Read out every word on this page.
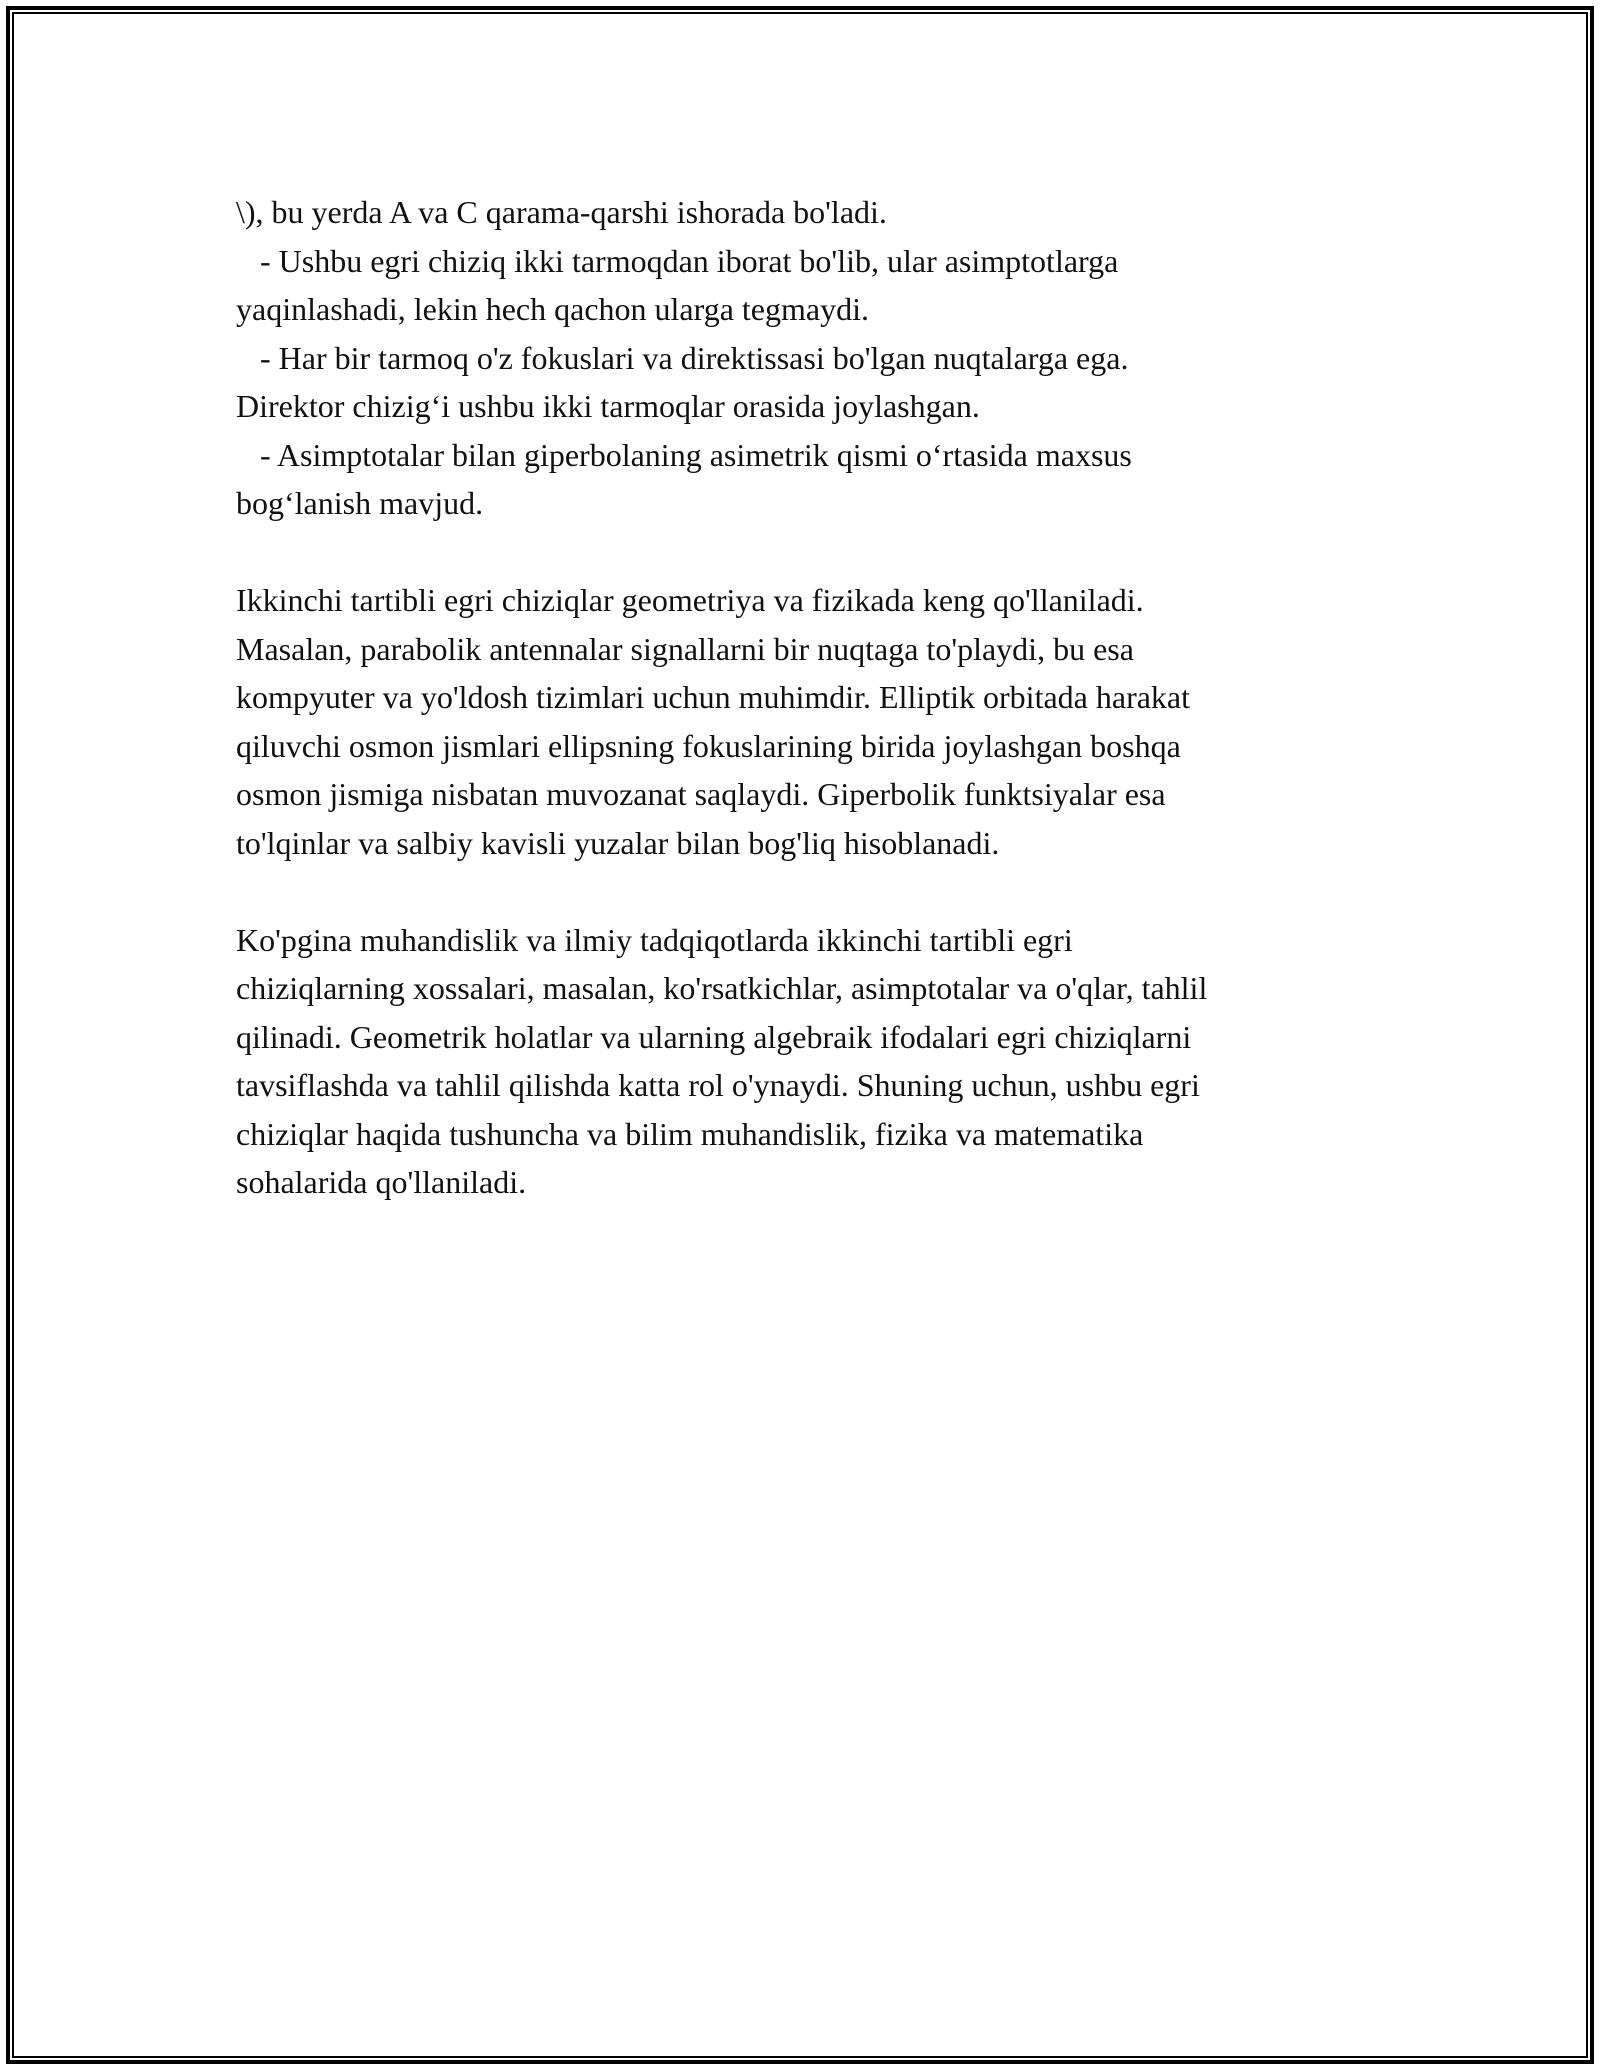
\), bu yerda A va C qarama-qarshi ishorada bo'ladi.
- Ushbu egri chiziq ikki tarmoqdan iborat bo'lib, ular asimptotlarga
yaqinlashadi, lekin hech qachon ularga tegmaydi.
- Har bir tarmoq o'z fokuslari va direktissasi bo'lgan nuqtalarga ega.
Direktor chizig‘i ushbu ikki tarmoqlar orasida joylashgan.
- Asimptotalar bilan giperbolaning asimetrik qismi o‘rtasida maxsus
bog‘lanish mavjud.
Ikkinchi tartibli egri chiziqlar geometriya va fizikada keng qo'llaniladi.
Masalan, parabolik antennalar signallarni bir nuqtaga to'playdi, bu esa
kompyuter va yo'ldosh tizimlari uchun muhimdir. Elliptik orbitada harakat
qiluvchi osmon jismlari ellipsning fokuslarining birida joylashgan boshqa
osmon jismiga nisbatan muvozanat saqlaydi. Giperbolik funktsiyalar esa
to'lqinlar va salbiy kavisli yuzalar bilan bog'liq hisoblanadi.
Ko'pgina muhandislik va ilmiy tadqiqotlarda ikkinchi tartibli egri
chiziqlarning xossalari, masalan, ko'rsatkichlar, asimptotalar va o'qlar, tahlil
qilinadi. Geometrik holatlar va ularning algebraik ifodalari egri chiziqlarni
tavsiflashda va tahlil qilishda katta rol o'ynaydi. Shuning uchun, ushbu egri
chiziqlar haqida tushuncha va bilim muhandislik, fizika va matematika
sohalarida qo'llaniladi.
